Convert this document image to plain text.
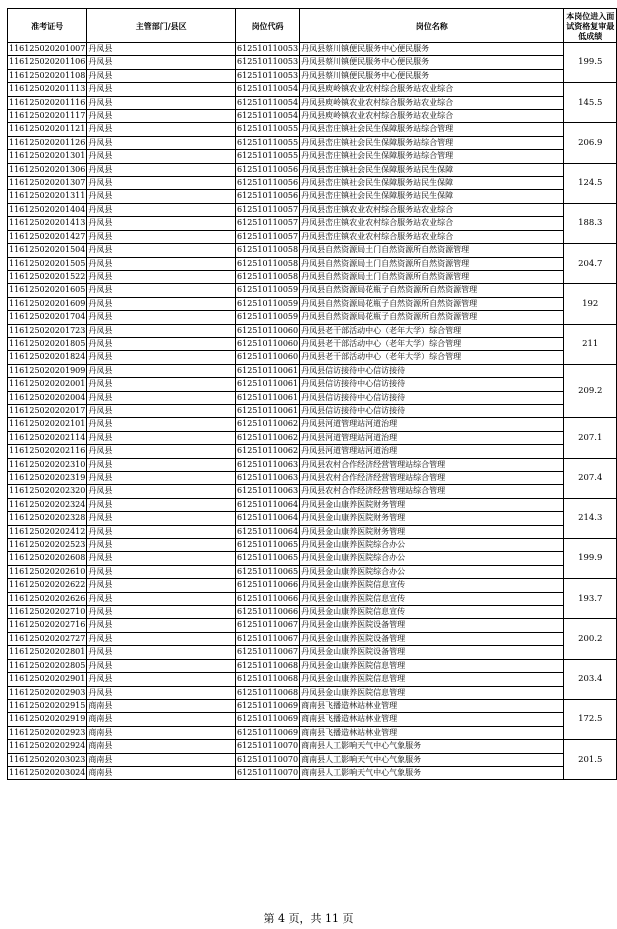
准考证号	主管部门/县区	岗位代码	岗位名称	本岗位进入面试资格复审最低成绩
116125020201007	丹凤县	612510110053	丹凤县蔡川镇便民服务中心便民服务	199.5
116125020201106	丹凤县	612510110053	丹凤县蔡川镇便民服务中心便民服务	
116125020201108	丹凤县	612510110053	丹凤县蔡川镇便民服务中心便民服务	
116125020201113	丹凤县	612510110054	丹凤县庾岭镇农业农村综合服务站农业综合	145.5
116125020201116	丹凤县	612510110054	丹凤县庾岭镇农业农村综合服务站农业综合	
116125020201117	丹凤县	612510110054	丹凤县庾岭镇农业农村综合服务站农业综合	
116125020201121	丹凤县	612510110055	丹凤县峦庄镇社会民生保障服务站综合管理	206.9
116125020201126	丹凤县	612510110055	丹凤县峦庄镇社会民生保障服务站综合管理	
116125020201301	丹凤县	612510110055	丹凤县峦庄镇社会民生保障服务站综合管理	
116125020201306	丹凤县	612510110056	丹凤县峦庄镇社会民生保障服务站民生保障	124.5
116125020201307	丹凤县	612510110056	丹凤县峦庄镇社会民生保障服务站民生保障	
116125020201311	丹凤县	612510110056	丹凤县峦庄镇社会民生保障服务站民生保障	
116125020201404	丹凤县	612510110057	丹凤县峦庄镇农业农村综合服务站农业综合	188.3
116125020201413	丹凤县	612510110057	丹凤县峦庄镇农业农村综合服务站农业综合	
116125020201427	丹凤县	612510110057	丹凤县峦庄镇农业农村综合服务站农业综合	
116125020201504	丹凤县	612510110058	丹凤县自然资源局土门自然资源所自然资源管理	204.7
116125020201505	丹凤县	612510110058	丹凤县自然资源局土门自然资源所自然资源管理	
116125020201522	丹凤县	612510110058	丹凤县自然资源局土门自然资源所自然资源管理	
116125020201605	丹凤县	612510110059	丹凤县自然资源局花瓶子自然资源所自然资源管理	192
116125020201609	丹凤县	612510110059	丹凤县自然资源局花瓶子自然资源所自然资源管理	
116125020201704	丹凤县	612510110059	丹凤县自然资源局花瓶子自然资源所自然资源管理	
116125020201723	丹凤县	612510110060	丹凤县老干部活动中心（老年大学）综合管理	211
116125020201805	丹凤县	612510110060	丹凤县老干部活动中心（老年大学）综合管理	
116125020201824	丹凤县	612510110060	丹凤县老干部活动中心（老年大学）综合管理	
116125020201909	丹凤县	612510110061	丹凤县信访接待中心信访接待	209.2
116125020202001	丹凤县	612510110061	丹凤县信访接待中心信访接待	
116125020202004	丹凤县	612510110061	丹凤县信访接待中心信访接待	
116125020202017	丹凤县	612510110061	丹凤县信访接待中心信访接待	
116125020202101	丹凤县	612510110062	丹凤县河道管理站河道治理	207.1
116125020202114	丹凤县	612510110062	丹凤县河道管理站河道治理	
116125020202116	丹凤县	612510110062	丹凤县河道管理站河道治理	
116125020202310	丹凤县	612510110063	丹凤县农村合作经济经营管理站综合管理	207.4
116125020202319	丹凤县	612510110063	丹凤县农村合作经济经营管理站综合管理	
116125020202320	丹凤县	612510110063	丹凤县农村合作经济经营管理站综合管理	
116125020202324	丹凤县	612510110064	丹凤县金山康养医院财务管理	214.3
116125020202328	丹凤县	612510110064	丹凤县金山康养医院财务管理	
116125020202412	丹凤县	612510110064	丹凤县金山康养医院财务管理	
116125020202523	丹凤县	612510110065	丹凤县金山康养医院综合办公	199.9
116125020202608	丹凤县	612510110065	丹凤县金山康养医院综合办公	
116125020202610	丹凤县	612510110065	丹凤县金山康养医院综合办公	
116125020202622	丹凤县	612510110066	丹凤县金山康养医院信息宣传	193.7
116125020202626	丹凤县	612510110066	丹凤县金山康养医院信息宣传	
116125020202710	丹凤县	612510110066	丹凤县金山康养医院信息宣传	
116125020202716	丹凤县	612510110067	丹凤县金山康养医院设备管理	200.2
116125020202727	丹凤县	612510110067	丹凤县金山康养医院设备管理	
116125020202801	丹凤县	612510110067	丹凤县金山康养医院设备管理	
116125020202805	丹凤县	612510110068	丹凤县金山康养医院信息管理	203.4
116125020202901	丹凤县	612510110068	丹凤县金山康养医院信息管理	
116125020202903	丹凤县	612510110068	丹凤县金山康养医院信息管理	
116125020202915	商南县	612510110069	商南县飞播造林站林业管理	172.5
116125020202919	商南县	612510110069	商南县飞播造林站林业管理	
116125020202923	商南县	612510110069	商南县飞播造林站林业管理	
116125020202924	商南县	612510110070	商南县人工影响天气中心气象服务	201.5
116125020203023	商南县	612510110070	商南县人工影响天气中心气象服务	
116125020203024	商南县	612510110070	商南县人工影响天气中心气象服务	
第 4 页，共 11 页
